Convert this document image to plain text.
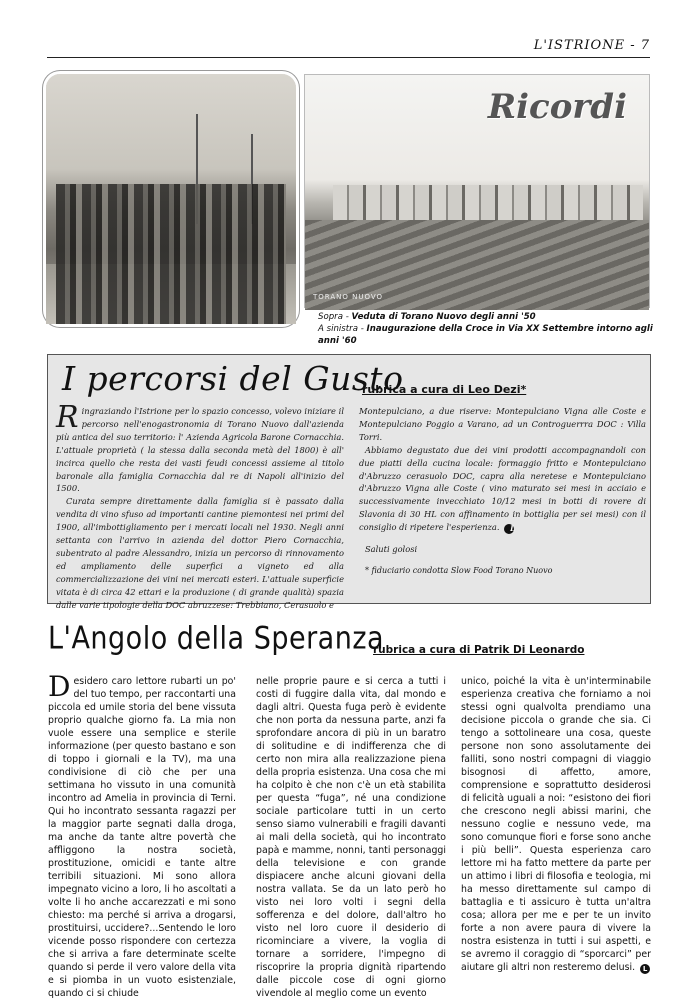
L'ISTRIONE - 7
Ricordi
TORANO NUOVO
Sopra - Veduta di Torano Nuovo degli anni '50
A sinistra - Inaugurazione della Croce in Via XX Settembre intorno agli anni '60
I percorsi del Gusto
rubrica a cura di Leo Dezi*

Ringraziando l'Istrione per lo spazio concesso, volevo iniziare il percorso nell'enogastronomia di Torano Nuovo dall'azienda più antica del suo territorio: l' Azienda Agricola Barone Cornacchia. L'attuale proprietà ( la stessa dalla seconda metà del 1800) è all' incirca quello che resta dei vasti feudi concessi assieme al titolo baronale alla famiglia Cornacchia dal re di Napoli all'inizio del 1500.

Curata sempre direttamente dalla famiglia si è passato dalla vendita di vino sfuso ad importanti cantine piemontesi nei primi del 1900, all'imbottigliamento per i mercati locali nel 1930. Negli anni settanta con l'arrivo in azienda del dottor Piero Cornacchia, subentrato al padre Alessandro, inizia un percorso di rinnovamento ed ampliamento delle superfici a vigneto ed alla commercializzazione dei vini nei mercati esteri. L'attuale superficie vitata è di circa 42 ettari e la produzione ( di grande qualità) spazia dalle varie tipologie della DOC abruzzese: Trebbiano, Cerasuolo e

Montepulciano, a due riserve: Montepulciano Vigna alle Coste e Montepulciano Poggio a Varano, ad un Controguerrra DOC : Villa Torri.

Abbiamo degustato due dei vini prodotti accompagnandoli con due piatti della cucina locale: formaggio fritto e Montepulciano d'Abruzzo cerasuolo DOC, capra alla neretese e Montepulciano d'Abruzzo Vigna alle Coste ( vino maturato sei mesi in acciaio e successivamente invecchiato 10/12 mesi in botti di rovere di Slavonia di 30 HL con affinamento in bottiglia per sei mesi) con il consiglio di ripetere l'esperienza. L

Saluti golosi

* fiduciario condotta Slow Food Torano Nuovo

L'Angolo della Speranza
rubrica a cura di Patrik Di Leonardo
Desidero caro lettore rubarti un po' del tuo tempo, per raccontarti una piccola ed umile storia del bene vissuta proprio qualche giorno fa. La mia non vuole essere una semplice e sterile informazione (per questo bastano e son di toppo i giornali e la TV), ma una condivisione di ciò che per una settimana ho vissuto in una comunità incontro ad Amelia in provincia di Terni. Qui ho incontrato sessanta ragazzi per la maggior parte segnati dalla droga, ma anche da tante altre povertà che affliggono la nostra società, prostituzione, omicidi e tante altre terribili situazioni. Mi sono allora impegnato vicino a loro, li ho ascoltati a volte li ho anche accarezzati e mi sono chiesto: ma perché si arriva a drogarsi, prostituirsi, uccidere?...Sentendo le loro vicende posso rispondere con certezza che si arriva a fare determinate scelte quando si perde il vero valore della vita e si piomba in un vuoto esistenziale, quando ci si chiude
nelle proprie paure e si cerca a tutti i costi di fuggire dalla vita, dal mondo e dagli altri. Questa fuga però è evidente che non porta da nessuna parte, anzi fa sprofondare ancora di più in un baratro di solitudine e di indifferenza che di certo non mira alla realizzazione piena della propria esistenza. Una cosa che mi ha colpito è che non c'è un età stabilita per questa “fuga”, né una condizione sociale particolare tutti in un certo senso siamo vulnerabili e fragili davanti ai mali della società, qui ho incontrato papà e mamme, nonni, tanti personaggi della televisione e con grande dispiacere anche alcuni giovani della nostra vallata. Se da un lato però ho visto nei loro volti i segni della sofferenza e del dolore, dall'altro ho visto nel loro cuore il desiderio di ricominciare a vivere, la voglia di tornare a sorridere, l'impegno di riscoprire la propria dignità ripartendo dalle piccole cose di ogni giorno vivendole al meglio come un evento
unico, poiché la vita è un'interminabile esperienza creativa che forniamo a noi stessi ogni qualvolta prendiamo una decisione piccola o grande che sia. Ci tengo a sottolineare una cosa, queste persone non sono assolutamente dei falliti, sono nostri compagni di viaggio bisognosi di affetto, amore, comprensione e soprattutto desiderosi di felicità uguali a noi: “esistono dei fiori che crescono negli abissi marini, che nessuno coglie e nessuno vede, ma sono comunque fiori e forse sono anche i più belli”. Questa esperienza caro lettore mi ha fatto mettere da parte per un attimo i libri di filosofia e teologia, mi ha messo direttamente sul campo di battaglia e ti assicuro è tutta un'altra cosa; allora per me e per te un invito forte a non avere paura di vivere la nostra esistenza in tutti i sui aspetti, e se avremo il coraggio di “sporcarci” per aiutare gli altri non resteremo delusi. L
